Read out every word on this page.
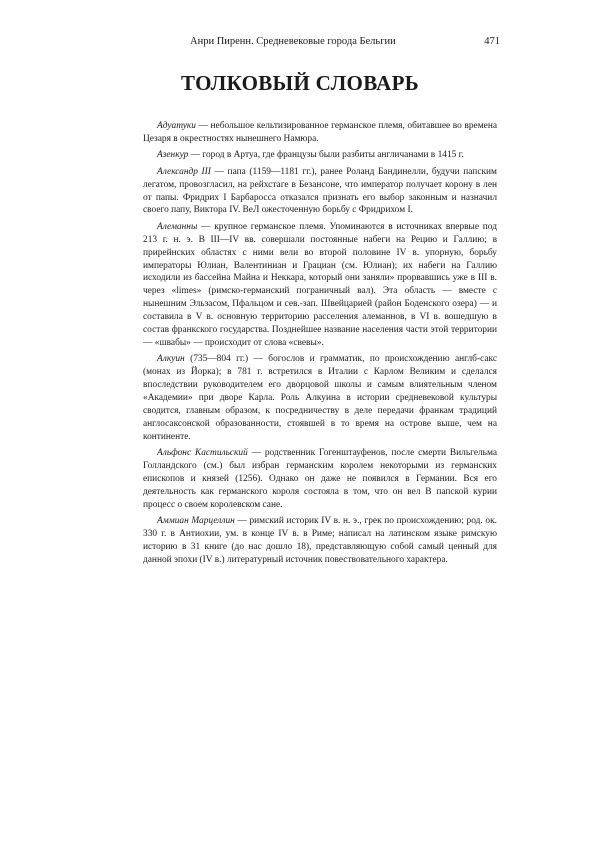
Анри Пиренн. Средневековые города Бельгии	471
ТОЛКОВЫЙ СЛОВАРЬ

Адуатуки — небольшое кельтизированное германское племя, обитавшее во времена Цезаря в окрестностях нынешнего Намюра.

Азенкур — город в Артуа, где французы были разбиты англичанами в 1415 г.

Александр III — папа (1159—1181 гг.), ранее Роланд Бандинелли, будучи папским легатом, провозгласил, на рейхстаге в Безансоне, что император получает корону в лен от папы. Фридрих I Барбаросса отказался признать его выбор законным и назначил своего папу, Виктора IV. ВеЛ ожесточенную борьбу с Фридрихом I.

Алеманны — крупное германское племя. Упоминаются в источниках впервые под 213 г. н. э. В III—IV вв. совершали постоянные набеги на Рецию и Галлию; в прирейнских областях с ними вели во второй половине IV в. упорную, борьбу императоры Юлиан, Валентиниан и Грациан (см. Юлиан); их набеги на Галлию исходили из бассейна Майна и Неккара, который они заняли» прорвавшись уже в III в. через «limes» (римско-германский пограничный вал). Эта область — вместе с нынешним Эльзасом, Пфальцом и сев.-зап. Швейцарией (район Боденского озера) — и составила в V в. основную территорию расселения алеманнов, в VI в. вошедшую в состав франкского государства. Позднейшее название населения части этой территории — «швабы» — происходит от слова «свевы».

Алкуин (735—804 гг.) — богослов и грамматик, по происхождению англб-сакс (монах из Йорка); в 781 г. встретился в Италии с Карлом Великим и сделался впоследствии руководителем его дворцовой школы и самым влиятельным членом «Академии» при дворе Карла. Роль Алкуина в истории средневековой культуры сводится, главным образом, к посредничеству в деле передачи франкам традиций англосаксонской образованности, стоявшей в то время на острове выше, чем на континенте.

Альфонс Кастильский — родственник Гогенштауфенов, после смерти Вильгельма Голландского (см.) был избран германским королем некоторыми из германских епископов и князей (1256). Однако он даже не появился в Германии. Вся его деятельность как германского короля состояла в том, что он вел В папской курии процесс о своем королевском сане.

Аммиан Марцеллин — римский историк IV в. н. э., грек по происхождению; род. ок. 330 г. в Антиохии, ум. в конце IV в. в Риме; написал на латинском языке римскую историю в 31 книге (до нас дошло 18), представляющую собой самый ценный для данной эпохи (IV в.) литературный источник повествовательного характера.
